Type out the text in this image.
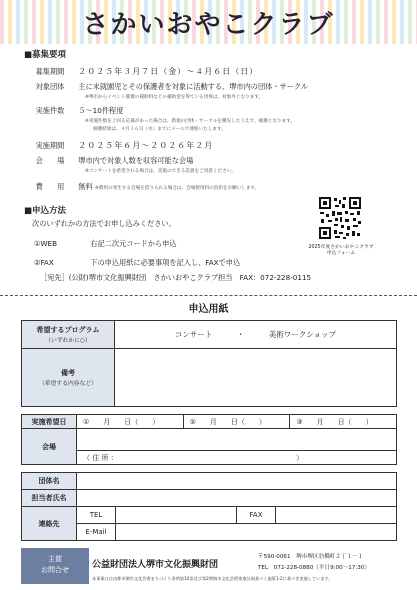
さかいおやこクラブ
■募集要項
募集期間 ２０２５年３月７日（金）～４月６日（日）
対象団体 主に未就園児とその保護者を対象に活動する、堺市内の団体・サークル
※堺市からイベント開催の補助料などの補助金を得ている団体は、対象外となります。
実施件数 ５～10件程度
※実施件数を上回る応募があった場合は、新規の団体・サークルを優先したうえで、抽選となります。
抽選結果は、４月１６日（水）までにメールで連絡いたします。
実施期間 ２０２５年６月～２０２６年２月
会　　場 堺市内で対象人数を収容可能な会場
※コンサートを希望される場合は、実施のできる設置をご用意ください。
費　　用 無料 ※費用の発生する会場を借りられる場合は、会場使用料の負担をお願いします。
■申込方法
次のいずれかの方法でお申し込みください。
①WEB	右記二次元コードから申込
②FAX	下の申込用紙に必要事項を記入し、FAXで申込
［宛先］(公財)堺市文化振興財団　さかいおやこクラブ担当　FAX：072-228-0115
2025年度さかいおやこクラブ
申込フォーム
申込用紙
希望するプログラム
（いずれかに○）	コンサート ・ 美術ワークショップ

備考
（希望する内容など）	

実施希望日	①　　月　　日（　　）	②　　月　　日（　　）	③　　月　　日（　　）
会場			
	（ 住 所 ：　　　　　　　　　　　　　　　　　　　　　　　　　　）		
団体名				
担当者氏名				
連絡先	TEL		FAX	
	E-Mail			
主催
お問合せ	公益財団法人堺市文化振興財団
〒590-0061　堺市堺区翁橋町２丁１－１
TEL　072-228-0880（平日9:00～17:30）
本事業は自由都市堺市文化芸術まちづくり条例第10条及び第2期堺市文化芸術推進計画基づく施策1-2に基づき実施しています。
